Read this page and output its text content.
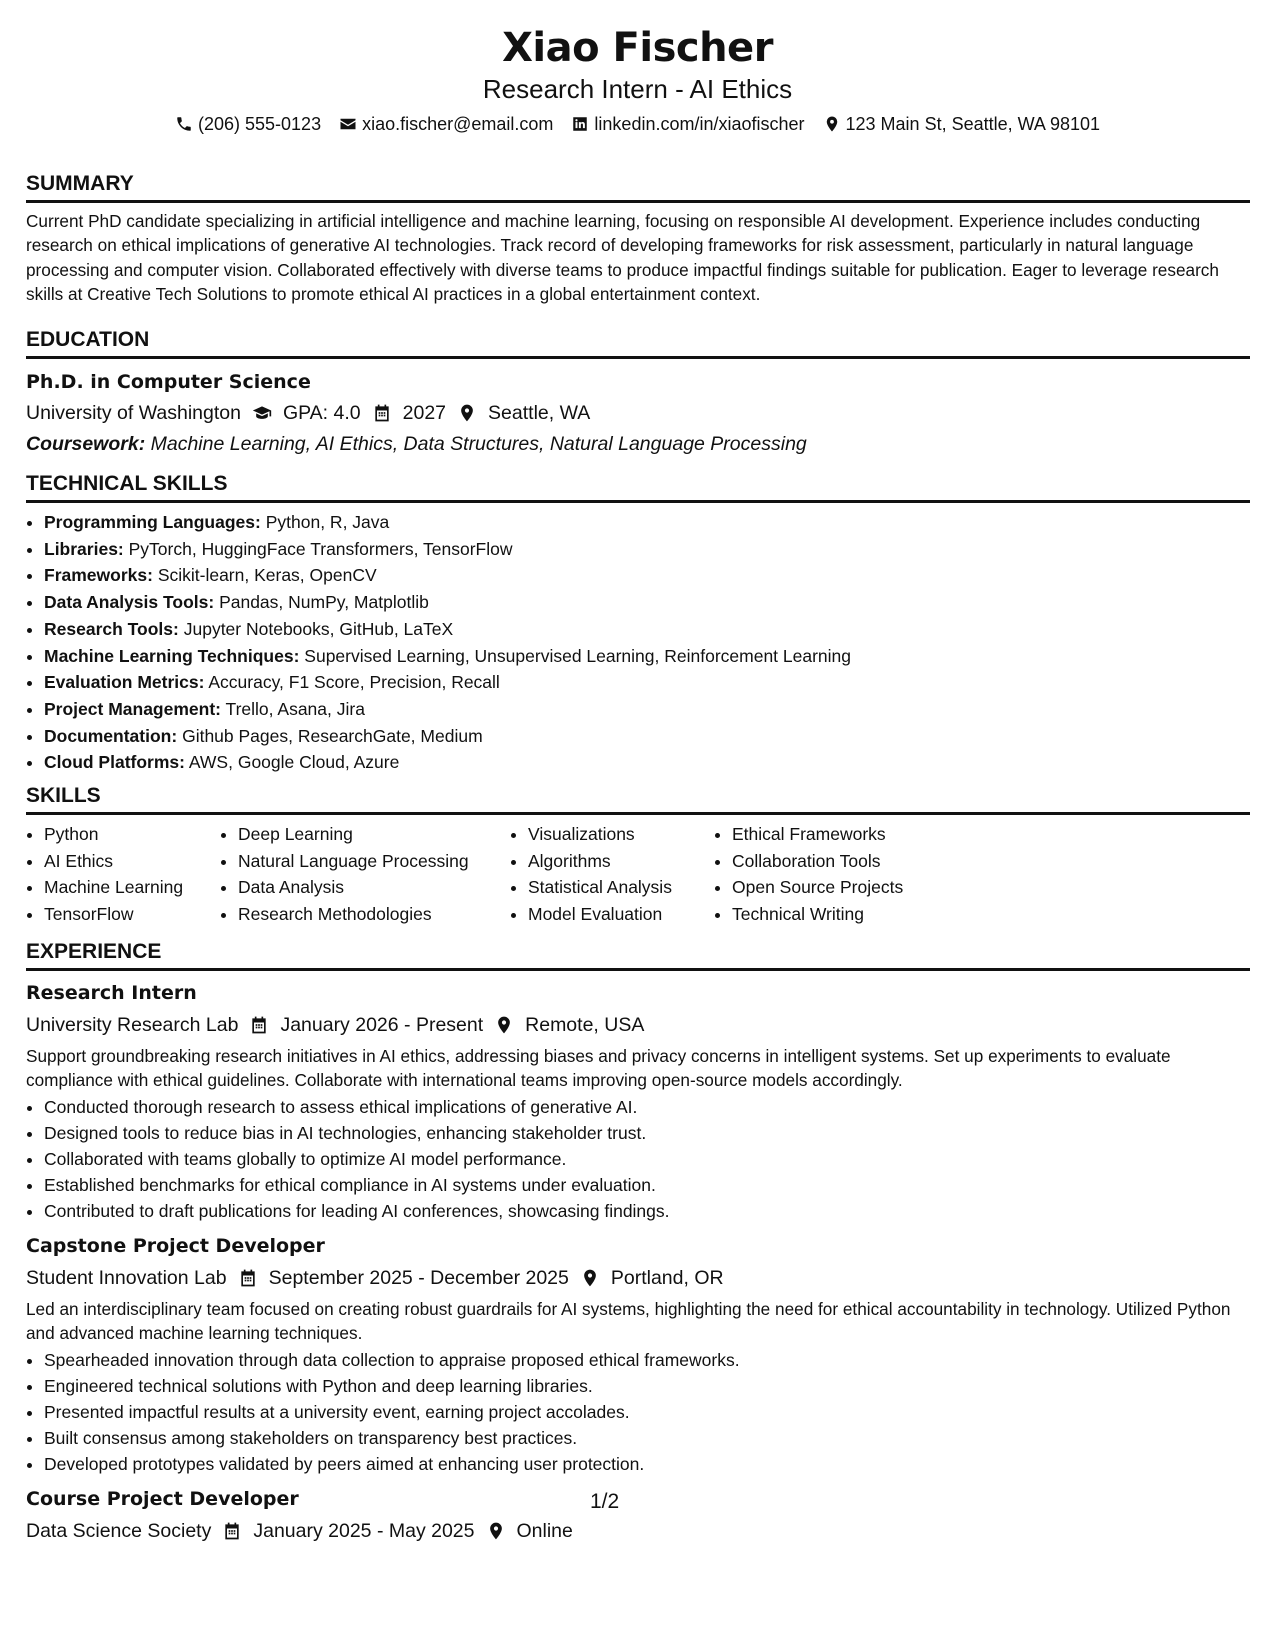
Xiao Fischer
Research Intern - AI Ethics
(206) 555-0123 xiao.fischer@email.com linkedin.com/in/xiaofischer 123 Main St, Seattle, WA 98101
SUMMARY
Current PhD candidate specializing in artificial intelligence and machine learning, focusing on responsible AI development. Experience includes conducting research on ethical implications of generative AI technologies. Track record of developing frameworks for risk assessment, particularly in natural language processing and computer vision. Collaborated effectively with diverse teams to produce impactful findings suitable for publication. Eager to leverage research skills at Creative Tech Solutions to promote ethical AI practices in a global entertainment context.
EDUCATION
Ph.D. in Computer Science
University of Washington GPA: 4.0 2027 Seattle, WA
Coursework: Machine Learning, AI Ethics, Data Structures, Natural Language Processing
TECHNICAL SKILLS
• Programming Languages: Python, R, Java
• Libraries: PyTorch, HuggingFace Transformers, TensorFlow
• Frameworks: Scikit-learn, Keras, OpenCV
• Data Analysis Tools: Pandas, NumPy, Matplotlib
• Research Tools: Jupyter Notebooks, GitHub, LaTeX
• Machine Learning Techniques: Supervised Learning, Unsupervised Learning, Reinforcement Learning
• Evaluation Metrics: Accuracy, F1 Score, Precision, Recall
• Project Management: Trello, Asana, Jira
• Documentation: Github Pages, ResearchGate, Medium
• Cloud Platforms: AWS, Google Cloud, Azure
SKILLS
• Python
• AI Ethics
• Machine Learning
• TensorFlow
• Deep Learning
• Natural Language Processing
• Data Analysis
• Research Methodologies
• Visualizations
• Algorithms
• Statistical Analysis
• Model Evaluation
• Ethical Frameworks
• Collaboration Tools
• Open Source Projects
• Technical Writing
EXPERIENCE
Research Intern
University Research Lab January 2026 - Present Remote, USA
Support groundbreaking research initiatives in AI ethics, addressing biases and privacy concerns in intelligent systems. Set up experiments to evaluate compliance with ethical guidelines. Collaborate with international teams improving open-source models accordingly.
• Conducted thorough research to assess ethical implications of generative AI.
• Designed tools to reduce bias in AI technologies, enhancing stakeholder trust.
• Collaborated with teams globally to optimize AI model performance.
• Established benchmarks for ethical compliance in AI systems under evaluation.
• Contributed to draft publications for leading AI conferences, showcasing findings.
Capstone Project Developer
Student Innovation Lab September 2025 - December 2025 Portland, OR
Led an interdisciplinary team focused on creating robust guardrails for AI systems, highlighting the need for ethical accountability in technology. Utilized Python and advanced machine learning techniques.
• Spearheaded innovation through data collection to appraise proposed ethical frameworks.
• Engineered technical solutions with Python and deep learning libraries.
• Presented impactful results at a university event, earning project accolades.
• Built consensus among stakeholders on transparency best practices.
• Developed prototypes validated by peers aimed at enhancing user protection.
Course Project Developer
Data Science Society January 2025 - May 2025 Online
1/2
